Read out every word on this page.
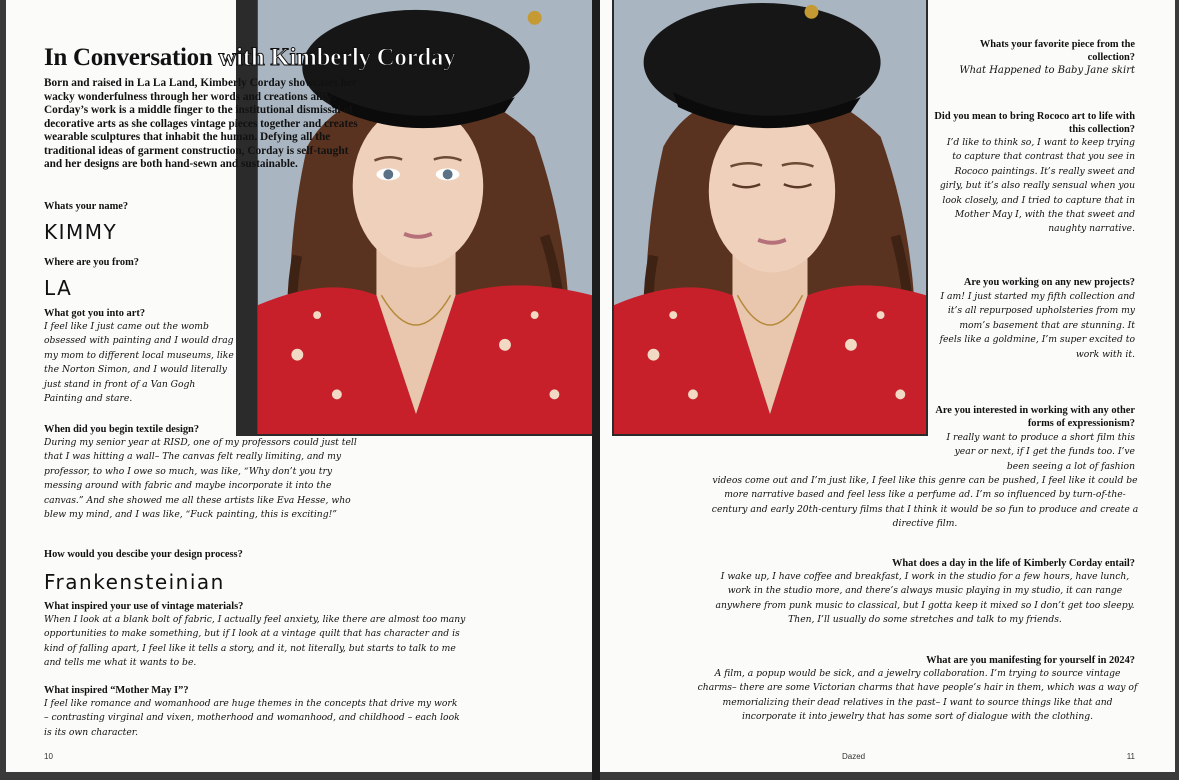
In Conversation with Kimberly Corday
Born and raised in La La Land, Kimberly Corday showcases her wacky wonderfulness through her words and creations alike. Corday’s work is a middle finger to the institutional dismissal of decorative arts as she collages vintage pieces together and creates wearable sculptures that inhabit the human. Defying all the traditional ideas of garment construction, Corday is self-taught and her designs are both hand-sewn and sustainable.
Whats your name?
KIMMY
Where are you from?
LA
What got you into art?
I feel like I just came out the womb obsessed with painting and I would drag my mom to different local museums, like the Norton Simon, and I would literally just stand in front of a Van Gogh Painting and stare.
When did you begin textile design?
During my senior year at RISD, one of my professors could just tell that I was hitting a wall– The canvas felt really limiting, and my professor, to who I owe so much, was like, “Why don’t you try messing around with fabric and maybe incorporate it into the canvas.” And she showed me all these artists like Eva Hesse, who blew my mind, and I was like, “Fuck painting, this is exciting!”
How would you descibe your design process?
Frankensteinian
What inspired your use of vintage materials?
When I look at a blank bolt of fabric, I actually feel anxiety, like there are almost too many opportunities to make something, but if I look at a vintage quilt that has character and is kind of falling apart, I feel like it tells a story, and it, not literally, but starts to talk to me and tells me what it wants to be.
What inspired “Mother May I”?
I feel like romance and womanhood are huge themes in the concepts that drive my work – contrasting virginal and vixen, motherhood and womanhood, and childhood – each look is its own character.
10
Whats your favorite piece from the collection?
What Happened to Baby Jane skirt
Did you mean to bring Rococo art to life with this collection?
I’d like to think so, I want to keep trying to capture that contrast that you see in Rococo paintings. It’s really sweet and girly, but it’s also really sensual when you look closely, and I tried to capture that in Mother May I, with the that sweet and naughty narrative.
Are you working on any new projects?
I am! I just started my fifth collection and it’s all repurposed upholsteries from my mom’s basement that are stunning. It feels like a goldmine, I’m super excited to work with it.
Are you interested in working with any other forms of expressionism?
I really want to produce a short film this year or next, if I get the funds too. I’ve been seeing a lot of fashion
videos come out and I’m just like, I feel like this genre can be pushed, I feel like it could be more narrative based and feel less like a perfume ad. I’m so influenced by turn-of-the-century and early 20th-century films that I think it would be so fun to produce and create a directive film.
What does a day in the life of Kimberly Corday entail?
I wake up, I have coffee and breakfast, I work in the studio for a few hours, have lunch, work in the studio more, and there’s always music playing in my studio, it can range anywhere from punk music to classical, but I gotta keep it mixed so I don’t get too sleepy. Then, I’ll usually do some stretches and talk to my friends.
What are you manifesting for yourself in 2024?
A film, a popup would be sick, and a jewelry collaboration. I’m trying to source vintage charms– there are some Victorian charms that have people’s hair in them, which was a way of memorializing their dead relatives in the past– I want to source things like that and incorporate it into jewelry that has some sort of dialogue with the clothing.
Dazed	11
